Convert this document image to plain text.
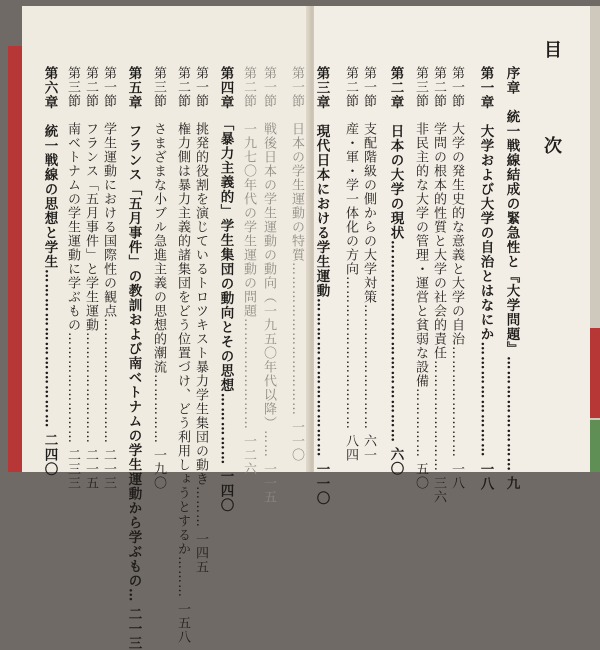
目　次
序章　統一戦線結成の緊急性と『大学問題』……………………九
第一章　大学および大学の自治とはなにか……………………一八
第一節　大学の発生史的な意義と大学の自治……………………一八
第二節　学問の根本的性質と大学の社会的責任……………………三六
第三節　非民主的な大学の管理・運営と貧弱な設備……………五〇
第二章　日本の大学の現状……………………………………六〇
第一節　支配階級の側からの大学対策………………………六一
第二節　産・軍・学一体化の方向……………………………八四
第三章　現代日本における学生運動……………………………一一〇
第一節　日本の学生運動の特質……………………………一一〇
第一節　戦後日本の学生運動の動向（一九五〇年代以降）……一一五
第二節　一九七〇年代の学生運動の問題……………………一二六
第四章　「暴力主義的」学生集団の動向とその思想……………一四〇
第一節　挑発的役割を演じているトロツキスト暴力学生集団の動き………一四五
第二節　権力側は暴力主義的諸集団をどう位置づけ、どう利用しょうとするか………一五八
第三節　さまざまな小ブル急進主義の思想的潮流……………一九〇
第五章　フランス「五月事件」の教訓および南ベトナムの学生運動から学ぶもの…二一三
第一節　学生運動における国際性の観点………………………二一三
第二節　フランス「五月事件」と学生運動……………………二一五
第三節　南ベトナムの学生運動に学ぶもの……………………二三三
第六章　統一戦線の思想と学生……………………………二四〇
